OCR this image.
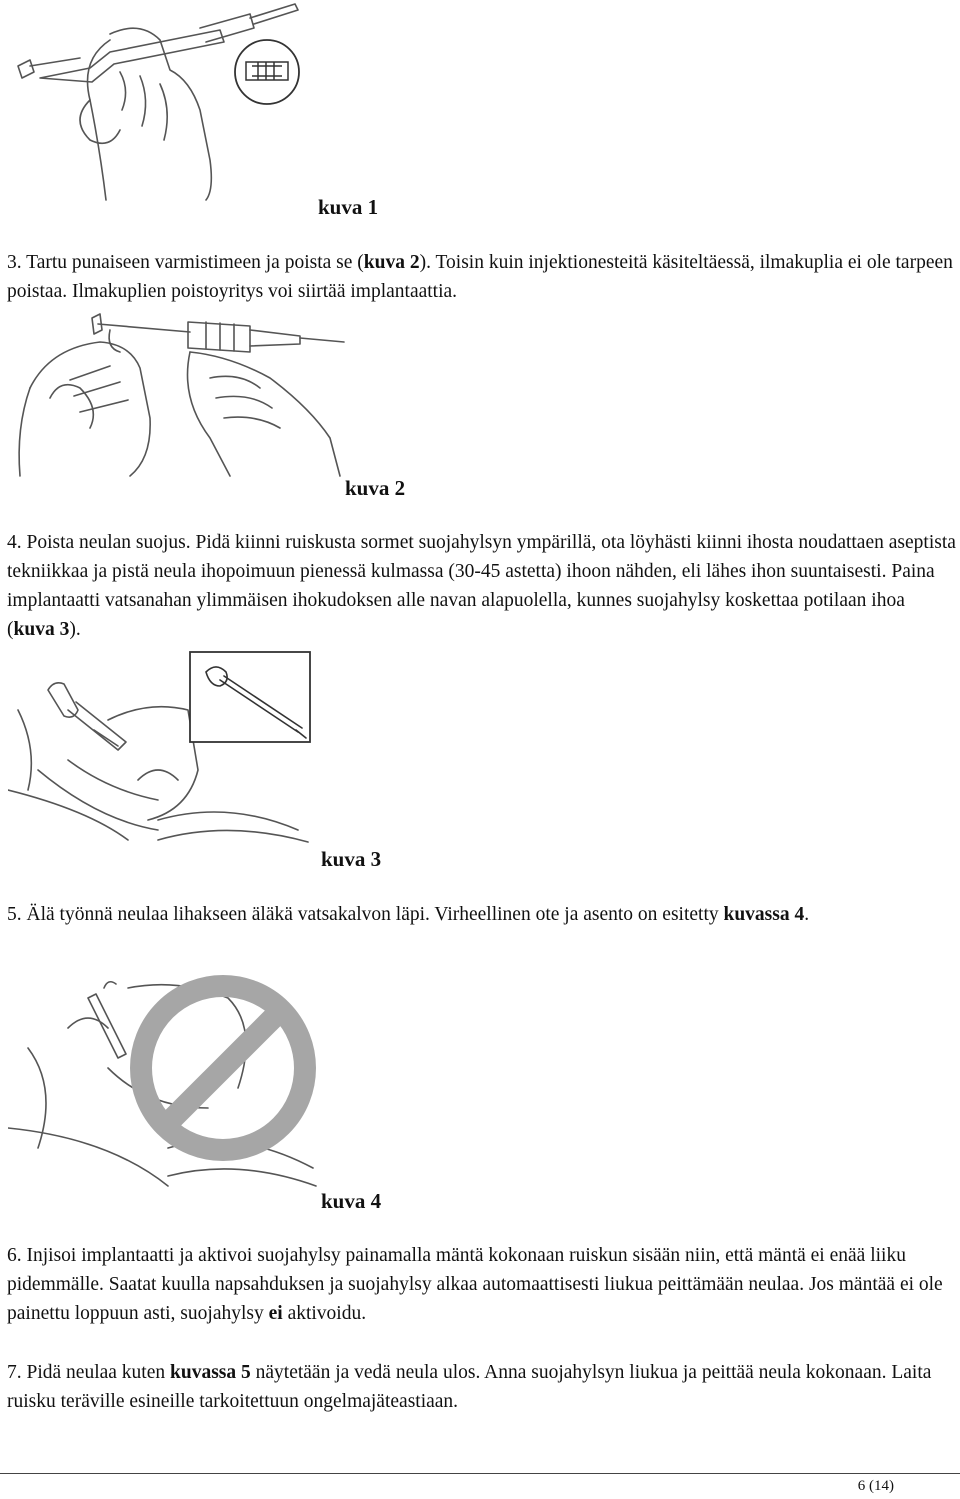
kuva 1

3. Tartu punaiseen varmistimeen ja poista se (kuva 2). Toisin kuin injektionesteitä käsiteltäessä, ilmakuplia ei ole tarpeen poistaa. Ilmakuplien poistoyritys voi siirtää implantaattia.

kuva 2

4. Poista neulan suojus. Pidä kiinni ruiskusta sormet suojahylsyn ympärillä, ota löyhästi kiinni ihosta noudattaen aseptista tekniikkaa ja pistä neula ihopoimuun pienessä kulmassa (30-45 astetta) ihoon nähden, eli lähes ihon suuntaisesti. Paina implantaatti vatsanahan ylimmäisen ihokudoksen alle navan alapuolella, kunnes suojahylsy koskettaa potilaan ihoa (kuva 3).

kuva 3

5. Älä työnnä neulaa lihakseen äläkä vatsakalvon läpi. Virheellinen ote ja asento on esitetty kuvassa 4.

kuva 4

6. Injisoi implantaatti ja aktivoi suojahylsy painamalla mäntä kokonaan ruiskun sisään niin, että mäntä ei enää liiku pidemmälle. Saatat kuulla napsahduksen ja suojahylsy alkaa automaattisesti liukua peittämään neulaa. Jos mäntää ei ole painettu loppuun asti, suojahylsy ei aktivoidu.

7. Pidä neulaa kuten kuvassa 5 näytetään ja vedä neula ulos. Anna suojahylsyn liukua ja peittää neula kokonaan. Laita ruisku teräville esineille tarkoitettuun ongelmajäteastiaan.

6 (14)
